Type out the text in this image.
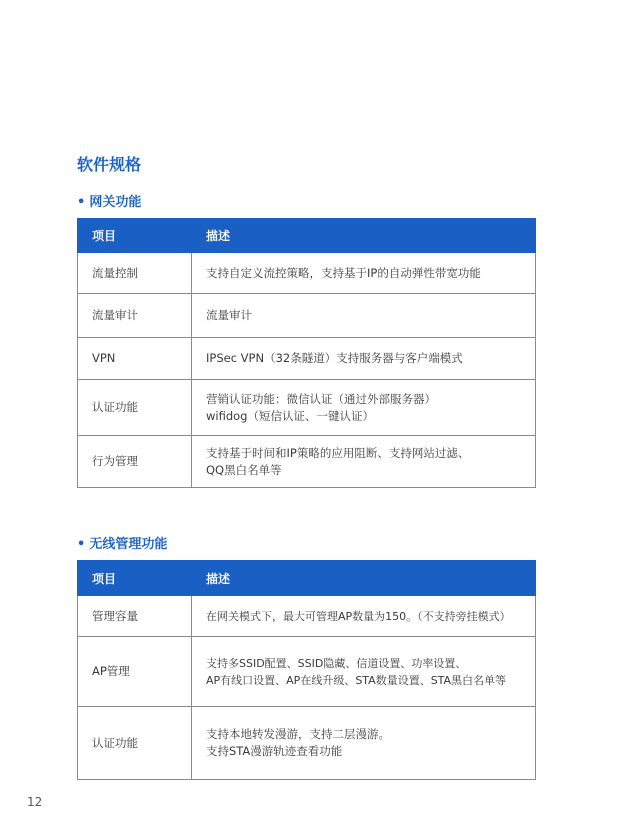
软件规格
• 网关功能
项目	描述
流量控制	支持自定义流控策略，支持基于IP的自动弹性带宽功能

流量审计	流量审计

VPN	IPSec VPN（32条隧道）支持服务器与客户端模式

认证功能	营销认证功能：微信认证（通过外部服务器）
wifidog（短信认证、一键认证）

行为管理	支持基于时间和IP策略的应用阻断、支持网站过滤、
QQ黑白名单等
• 无线管理功能
项目	描述
管理容量	在网关模式下，最大可管理AP数量为150。（不支持旁挂模式）

AP管理	支持多SSID配置、SSID隐藏、信道设置、功率设置、
AP有线口设置、AP在线升级、STA数量设置、STA黑白名单等

认证功能	支持本地转发漫游，支持二层漫游。
支持STA漫游轨迹查看功能
12
